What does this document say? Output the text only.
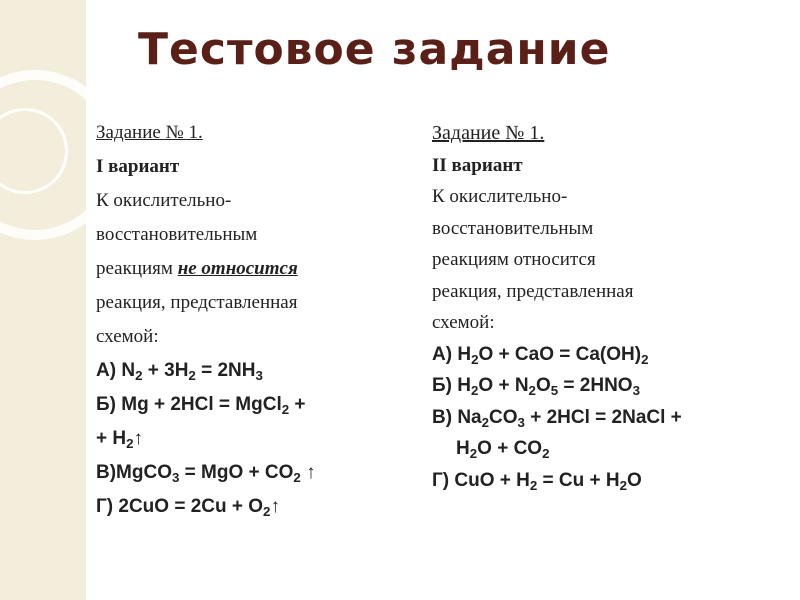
Тестовое задание
Задание № 1.
I вариант
К окислительно-
восстановительным
реакциям не относится
реакция, представленная
схемой:
А) $N_2 + 3H_2 = 2NH_3$
Б) Mg + 2HCl = MgCl$_2$ +
+ $H_2↑$
В)MgCO$_3$ = MgO + $CO_2$ ↑
Г) $2CuO = 2Cu + O_2↑$
Задание № 1.
II вариант
К окислительно-
восстановительным
реакциям относится
реакция, представленная
схемой:
А) $H_2O$ + CaO = $Ca(OH)_2$
Б) $H_2O + N_2O_5 = 2HNO_3$
В) $Na_2CO_3 + 2HCl$ = 2NaCl +
$H_2O + CO_2$
Г) CuO + $H_2 = Cu + H_2O$
